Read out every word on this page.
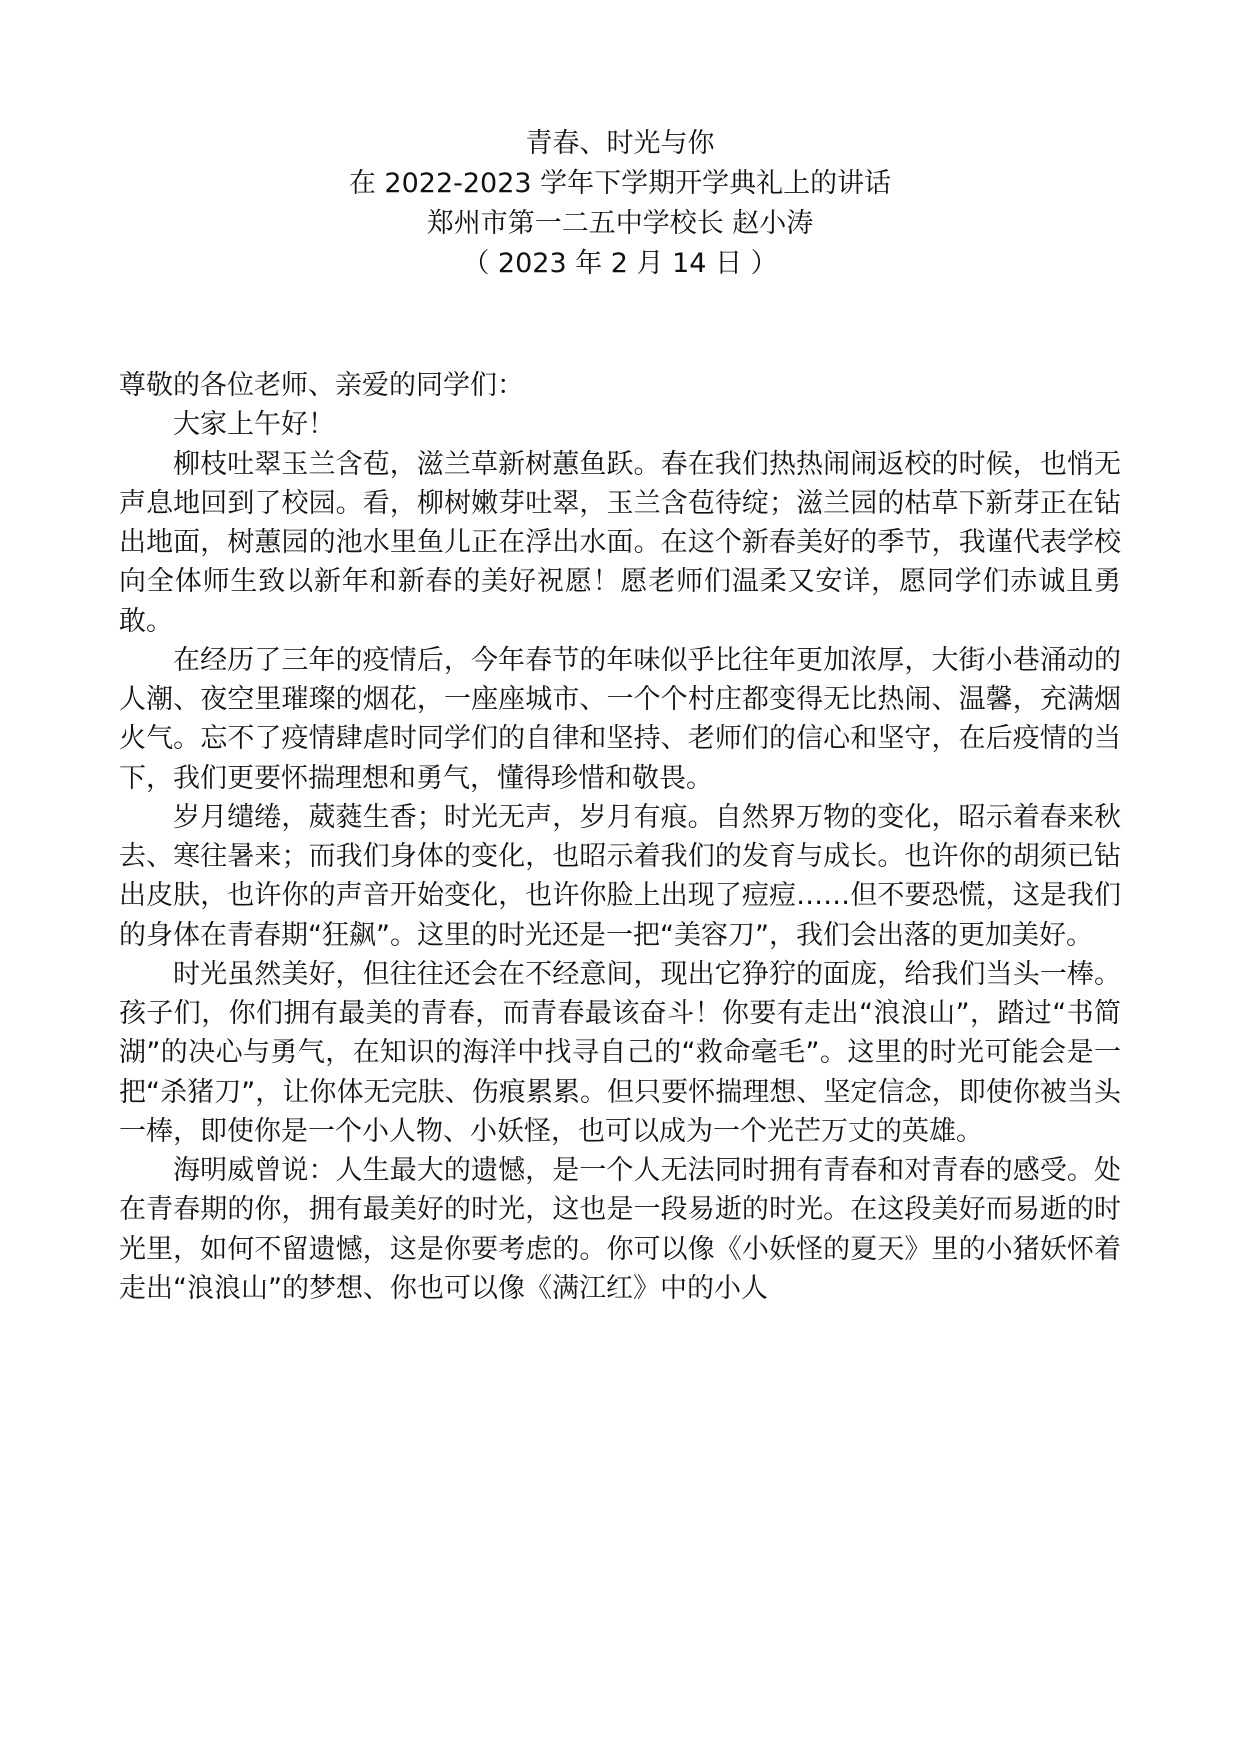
青春、时光与你
在 2022-2023 学年下学期开学典礼上的讲话
郑州市第一二五中学校长 赵小涛
（ 2023 年 2 月 14 日 ）

尊敬的各位老师、亲爱的同学们：

大家上午好！

柳枝吐翠玉兰含苞，滋兰草新树蕙鱼跃。春在我们热热闹闹返校的时候，也悄无声息地回到了校园。看，柳树嫩芽吐翠，玉兰含苞待绽；滋兰园的枯草下新芽正在钻出地面，树蕙园的池水里鱼儿正在浮出水面。在这个新春美好的季节，我谨代表学校向全体师生致以新年和新春的美好祝愿！愿老师们温柔又安详，愿同学们赤诚且勇敢。

在经历了三年的疫情后，今年春节的年味似乎比往年更加浓厚，大街小巷涌动的人潮、夜空里璀璨的烟花，一座座城市、一个个村庄都变得无比热闹、温馨，充满烟火气。忘不了疫情肆虐时同学们的自律和坚持、老师们的信心和坚守，在后疫情的当下，我们更要怀揣理想和勇气，懂得珍惜和敬畏。

岁月缱绻，葳蕤生香；时光无声，岁月有痕。自然界万物的变化，昭示着春来秋去、寒往暑来；而我们身体的变化，也昭示着我们的发育与成长。也许你的胡须已钻出皮肤，也许你的声音开始变化，也许你脸上出现了痘痘……但不要恐慌，这是我们的身体在青春期“狂飙”。这里的时光还是一把“美容刀”，我们会出落的更加美好。

时光虽然美好，但往往还会在不经意间，现出它狰狞的面庞，给我们当头一棒。孩子们，你们拥有最美的青春，而青春最该奋斗！你要有走出“浪浪山”，踏过“书简湖”的决心与勇气，在知识的海洋中找寻自己的“救命毫毛”。这里的时光可能会是一把“杀猪刀”，让你体无完肤、伤痕累累。但只要怀揣理想、坚定信念，即使你被当头一棒，即使你是一个小人物、小妖怪，也可以成为一个光芒万丈的英雄。

海明威曾说：人生最大的遗憾，是一个人无法同时拥有青春和对青春的感受。处在青春期的你，拥有最美好的时光，这也是一段易逝的时光。在这段美好而易逝的时光里，如何不留遗憾，这是你要考虑的。你可以像《小妖怪的夏天》里的小猪妖怀着走出“浪浪山”的梦想、你也可以像《满江红》中的小人
